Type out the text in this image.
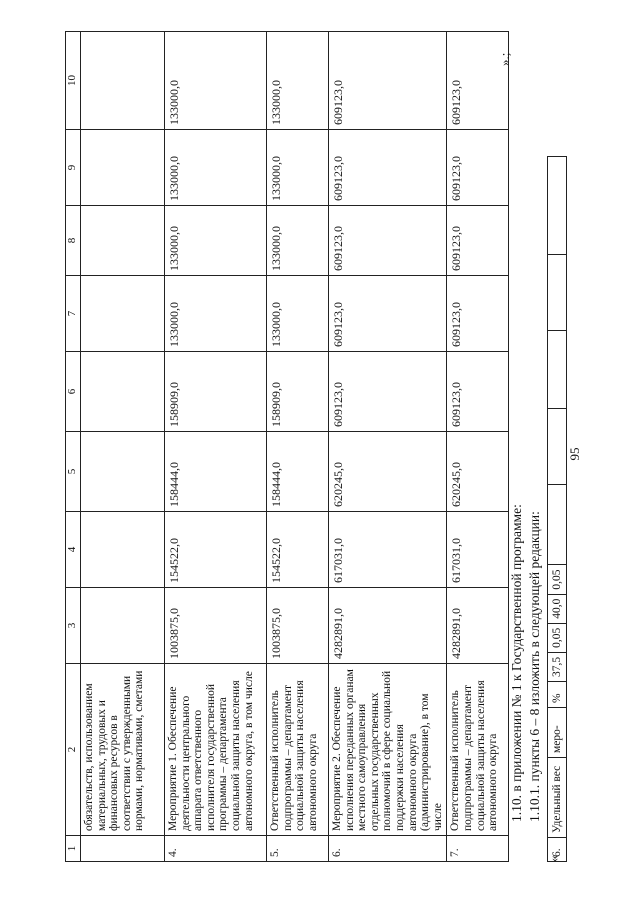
95
1	2	3	4	5	6	7	8	9	10
	обязательств, использованием материальных, трудовых и финансовых ресурсов в соответствии с утвержденными нормами, нормативами, сметами								
4.	Мероприятие 1. Обеспечение деятельности центрального аппарата ответственного исполнителя государственной программы – департамента социальной защиты населения автономного округа, в том числе	1003875,0	154522,0	158444,0	158909,0	133000,0	133000,0	133000,0	133000,0
5.	Ответственный исполнитель подпрограммы – департамент социальной защиты населения автономного округа	1003875,0	154522,0	158444,0	158909,0	133000,0	133000,0	133000,0	133000,0
6.	Мероприятие 2. Обеспечение исполнения переданных органам местного самоуправления отдельных государственных полномочий в сфере социальной поддержки населения автономного округа (администрирование), в том числе	4282891,0	617031,0	620245,0	609123,0	609123,0	609123,0	609123,0	609123,0
7.	Ответственный исполнитель подпрограммы – департамент социальной защиты населения автономного округа	4282891,0	617031,0	620245,0	609123,0	609123,0	609123,0	609123,0	609123,0
».;
1.10. в приложении № 1 к Государственной программе: 1.10.1. пункты 6 – 8 изложить в следующей редакции:
«
6.	Удельный вес	меро-	%	37,5	0,05	40,0	0,05					
